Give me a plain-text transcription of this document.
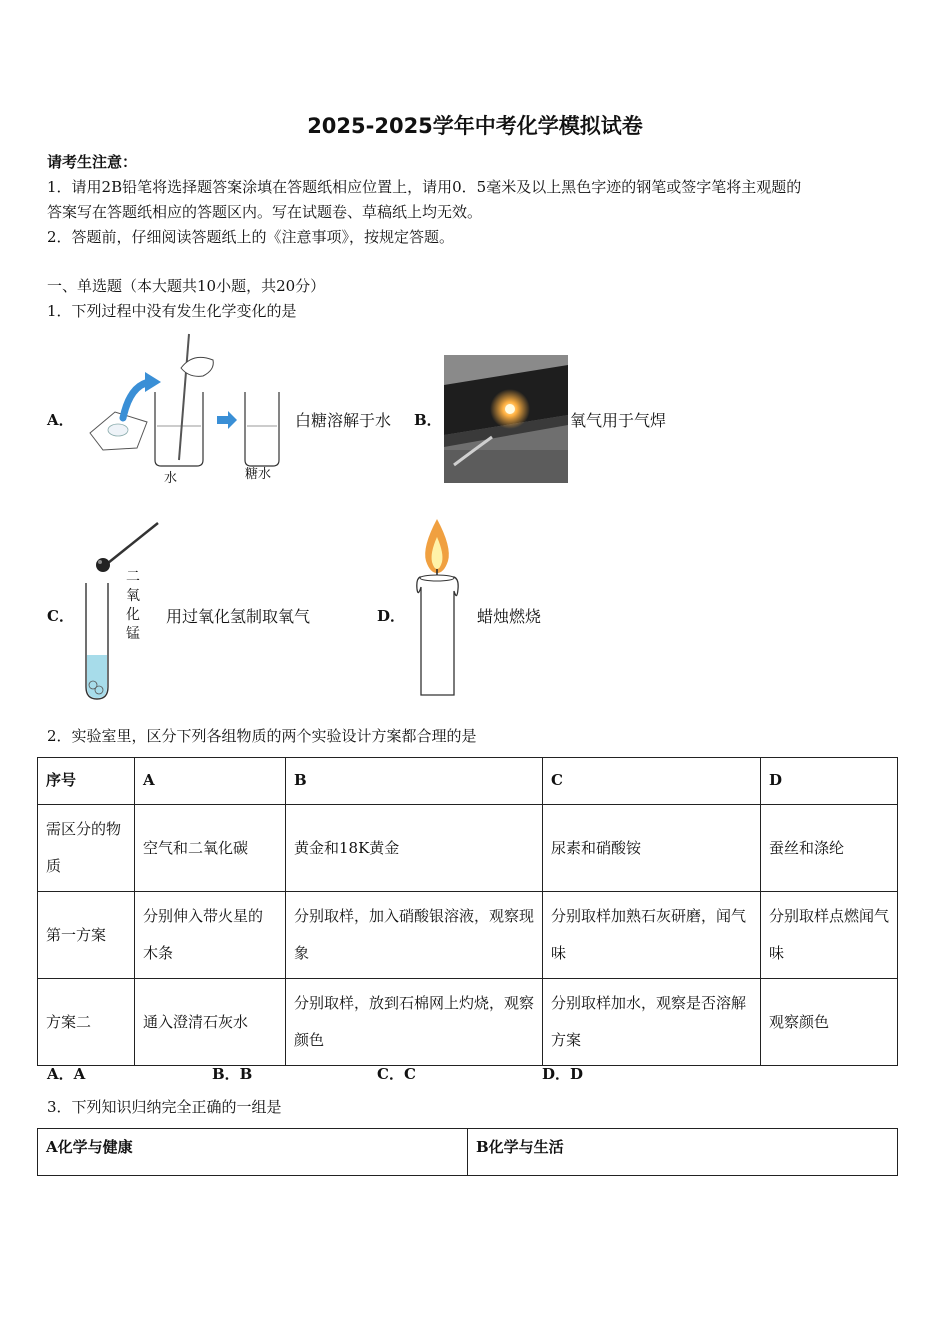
2025-2025学年中考化学模拟试卷
请考生注意：
1．请用2B铅笔将选择题答案涂填在答题纸相应位置上，请用0．5毫米及以上黑色字迹的钢笔或签字笔将主观题的
答案写在答题纸相应的答题区内。写在试题卷、草稿纸上均无效。
2．答题前，仔细阅读答题纸上的《注意事项》，按规定答题。
一、单选题（本大题共10小题，共20分）
1．下列过程中没有发生化学变化的是
A．
水	糖水
白糖溶解于水 B．	氧气用于气焊
C．
二
氧
化
锰
用过氧化氢制取氧气	D．	蜡烛燃烧
2．实验室里，区分下列各组物质的两个实验设计方案都合理的是
序号	A	B	C	D
需区分的物质	空气和二氧化碳	黄金和18K黄金	尿素和硝酸铵	蚕丝和涤纶
第一方案	分别伸入带火星的木条	分别取样，加入硝酸银溶液，观察现象	分别取样加熟石灰研磨，闻气味	分别取样点燃闻气味
方案二	通入澄清石灰水	分别取样，放到石棉网上灼烧，观察颜色	分别取样加水，观察是否溶解方案	观察颜色
A．A	B．B	C．C	D．D
3．下列知识归纳完全正确的一组是
A化学与健康	B化学与生活
